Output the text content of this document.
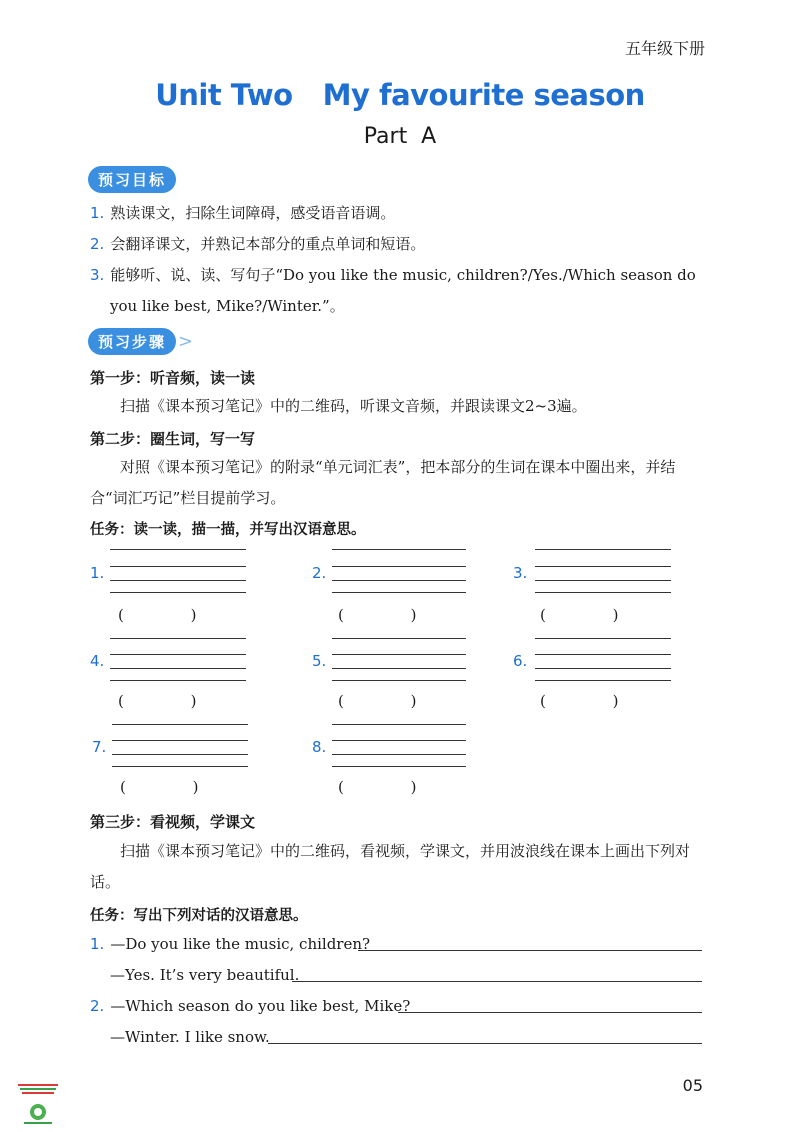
五年级下册
Unit Two My favourite season
Part  A
预习目标
1. 熟读课文，扫除生词障碍，感受语音语调。
2. 会翻译课文，并熟记本部分的重点单词和短语。
3. 能够听、说、读、写句子“Do you like the music, children?/Yes./Which season do
you like best, Mike?/Winter.”。
预习步骤 >
第一步：听音频，读一读
扫描《课本预习笔记》中的二维码，听课文音频，并跟读课文2~3遍。
第二步：圈生词，写一写
对照《课本预习笔记》的附录“单元词汇表”，把本部分的生词在课本中圈出来，并结合“词汇巧记”栏目提前学习。
任务：读一读，描一描，并写出汉语意思。
1.
(              )
2.
(              )
3.
(              )
4.
(              )
5.
(              )
6.
(              )
7.
(              )
8.
(              )
第三步：看视频，学课文
扫描《课本预习笔记》中的二维码，看视频，学课文，并用波浪线在课本上画出下列对话。
任务：写出下列对话的汉语意思。
1. —Do you like the music, children?
—Yes. It’s very beautiful.
2. —Which season do you like best, Mike?
—Winter. I like snow.
05
